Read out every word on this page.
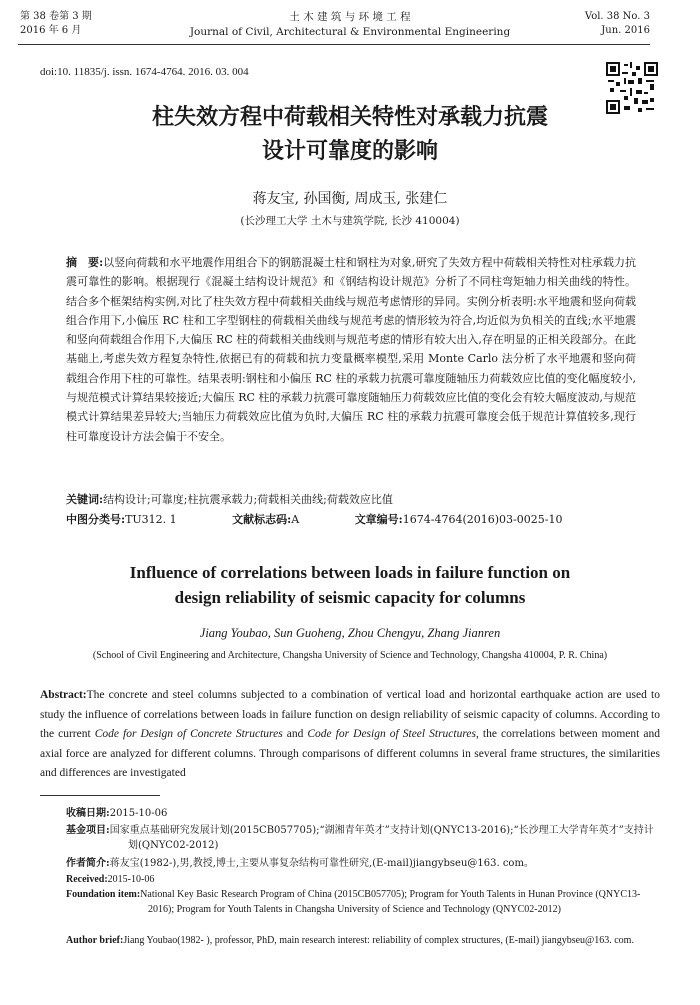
第 38 卷第 3 期
2016 年 6 月
土 木 建 筑 与 环 境 工 程
Journal of Civil, Architectural & Environmental Engineering
Vol. 38 No. 3
Jun. 2016
doi:10. 11835/j. issn. 1674-4764. 2016. 03. 004
柱失效方程中荷载相关特性对承载力抗震
设计可靠度的影响
蒋友宝, 孙国衡, 周成玉, 张建仁
(长沙理工大学 土木与建筑学院, 长沙 410004)
摘　要:以竖向荷载和水平地震作用组合下的钢筋混凝土柱和钢柱为对象,研究了失效方程中荷载相关特性对柱承载力抗震可靠性的影响。根据现行《混凝土结构设计规范》和《钢结构设计规范》分析了不同柱弯矩轴力相关曲线的特性。结合多个框架结构实例,对比了柱失效方程中荷载相关曲线与规范考虑情形的异同。实例分析表明:水平地震和竖向荷载组合作用下,小偏压 RC 柱和工字型钢柱的荷载相关曲线与规范考虑的情形较为符合,均近似为负相关的直线;水平地震和竖向荷载组合作用下,大偏压 RC 柱的荷载相关曲线则与规范考虑的情形有较大出入,存在明显的正相关段部分。在此基础上,考虑失效方程复杂特性,依据已有的荷载和抗力变量概率模型,采用 Monte Carlo 法分析了水平地震和竖向荷载组合作用下柱的可靠性。结果表明:钢柱和小偏压 RC 柱的承载力抗震可靠度随轴压力荷载效应比值的变化幅度较小,与规范模式计算结果较接近;大偏压 RC 柱的承载力抗震可靠度随轴压力荷载效应比值的变化会有较大幅度波动,与规范模式计算结果差异较大;当轴压力荷载效应比值为负时,大偏压 RC 柱的承载力抗震可靠度会低于规范计算值较多,现行柱可靠度设计方法会偏于不安全。
关键词:结构设计;可靠度;柱抗震承载力;荷载相关曲线;荷载效应比值
中图分类号:TU312. 1	文献标志码:A	文章编号:1674-4764(2016)03-0025-10
Influence of correlations between loads in failure function on
design reliability of seismic capacity for columns
Jiang Youbao, Sun Guoheng, Zhou Chengyu, Zhang Jianren
(School of Civil Engineering and Architecture, Changsha University of Science and Technology, Changsha 410004, P. R. China)
Abstract:The concrete and steel columns subjected to a combination of vertical load and horizontal earthquake action are used to study the influence of correlations between loads in failure function on design reliability of seismic capacity of columns. According to the current Code for Design of Concrete Structures and Code for Design of Steel Structures, the correlations between moment and axial force are analyzed for different columns. Through comparisons of different columns in several frame structures, the similarities and differences are investigated
收稿日期:2015-10-06
基金项目:国家重点基础研究发展计划(2015CB057705);“湖湘青年英才”支持计划(QNYC13-2016);“长沙理工大学青年英才”支持计划(QNYC02-2012)
作者简介:蒋友宝(1982-),男,教授,博士,主要从事复杂结构可靠性研究,(E-mail)jiangybseu@163. com。
Received:2015-10-06
Foundation item:National Key Basic Research Program of China (2015CB057705); Program for Youth Talents in Hunan Province (QNYC13-2016); Program for Youth Talents in Changsha University of Science and Technology (QNYC02-2012)
Author brief:Jiang Youbao(1982- ), professor, PhD, main research interest: reliability of complex structures, (E-mail) jiangybseu@163. com.
